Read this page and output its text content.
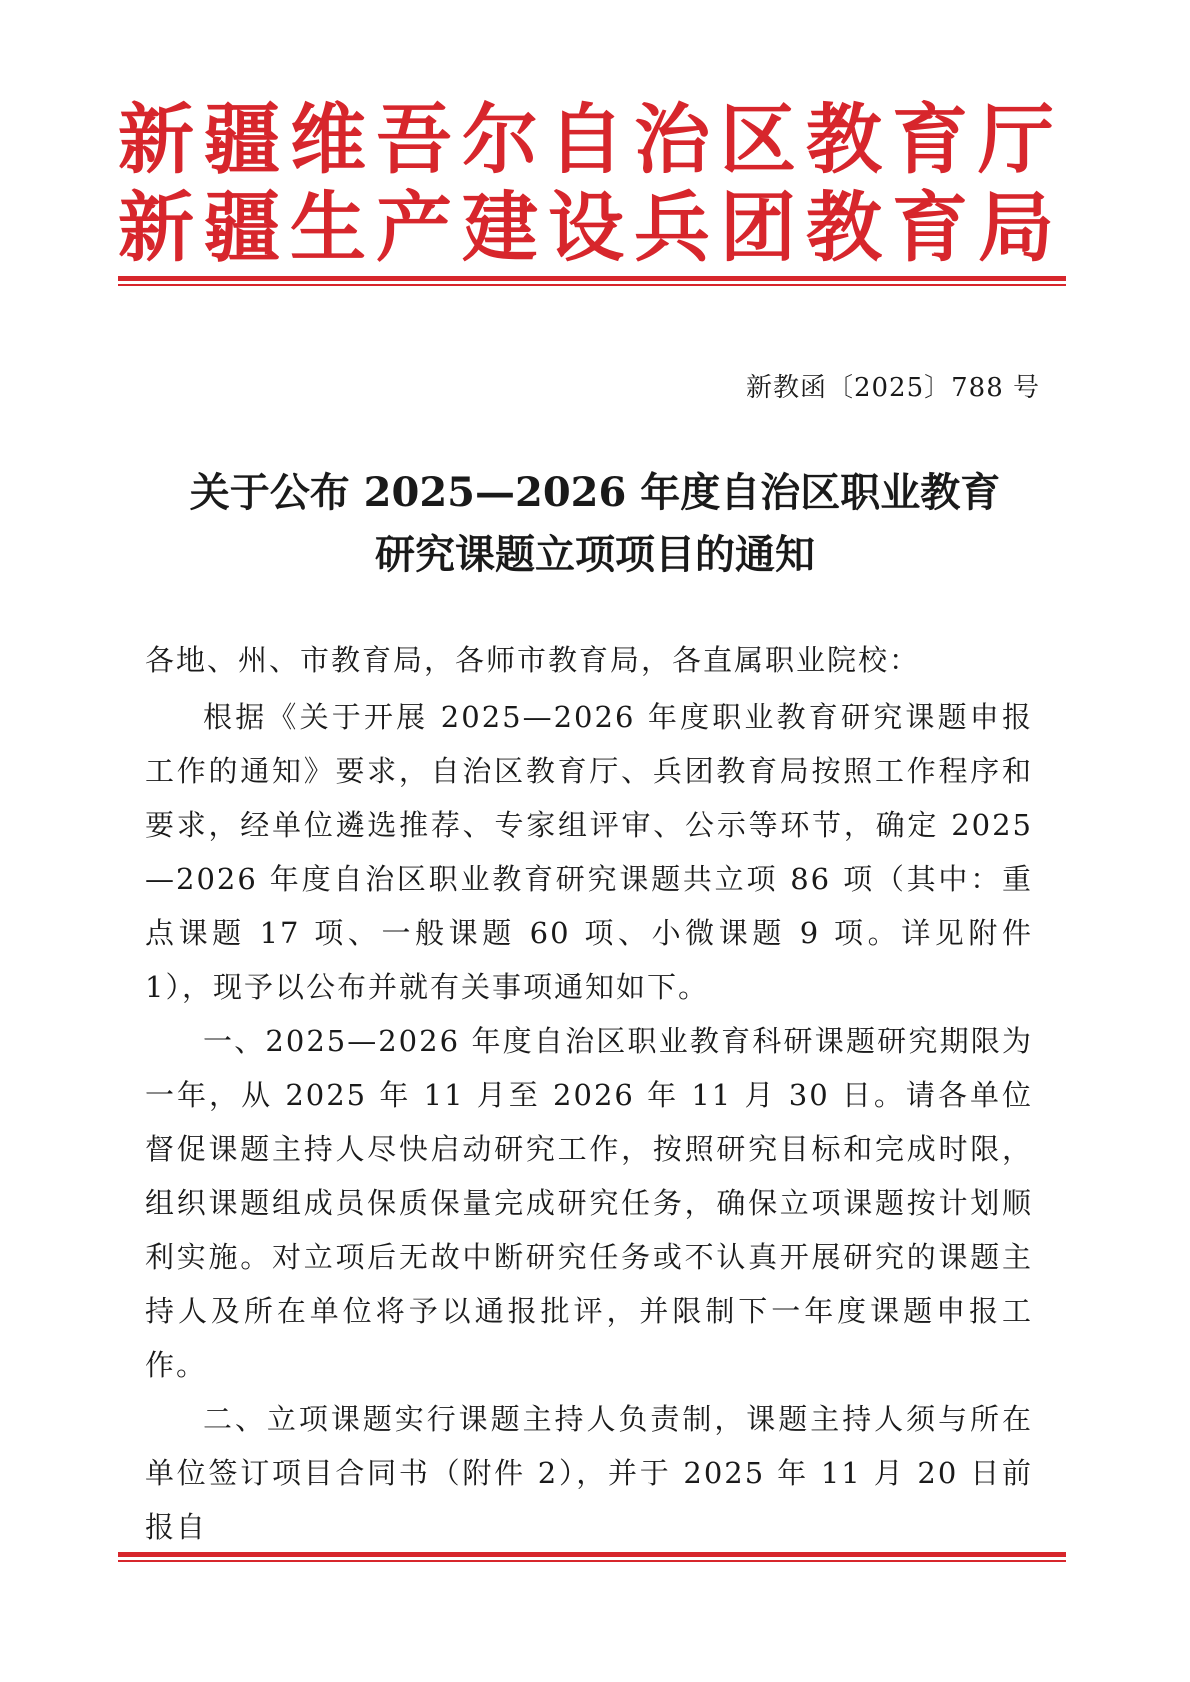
新疆维吾尔自治区教育厅
新疆生产建设兵团教育局
新教函〔2025〕788 号
关于公布 2025—2026 年度自治区职业教育
研究课题立项项目的通知
各地、州、市教育局，各师市教育局，各直属职业院校：

根据《关于开展 2025—2026 年度职业教育研究课题申报工作的通知》要求，自治区教育厅、兵团教育局按照工作程序和要求，经单位遴选推荐、专家组评审、公示等环节，确定 2025—2026 年度自治区职业教育研究课题共立项 86 项（其中：重点课题 17 项、一般课题 60 项、小微课题 9 项。详见附件 1），现予以公布并就有关事项通知如下。

一、2025—2026 年度自治区职业教育科研课题研究期限为一年，从 2025 年 11 月至 2026 年 11 月 30 日。请各单位督促课题主持人尽快启动研究工作，按照研究目标和完成时限，组织课题组成员保质保量完成研究任务，确保立项课题按计划顺利实施。对立项后无故中断研究任务或不认真开展研究的课题主持人及所在单位将予以通报批评，并限制下一年度课题申报工作。

二、立项课题实行课题主持人负责制，课题主持人须与所在单位签订项目合同书（附件 2），并于 2025 年 11 月 20 日前报自
